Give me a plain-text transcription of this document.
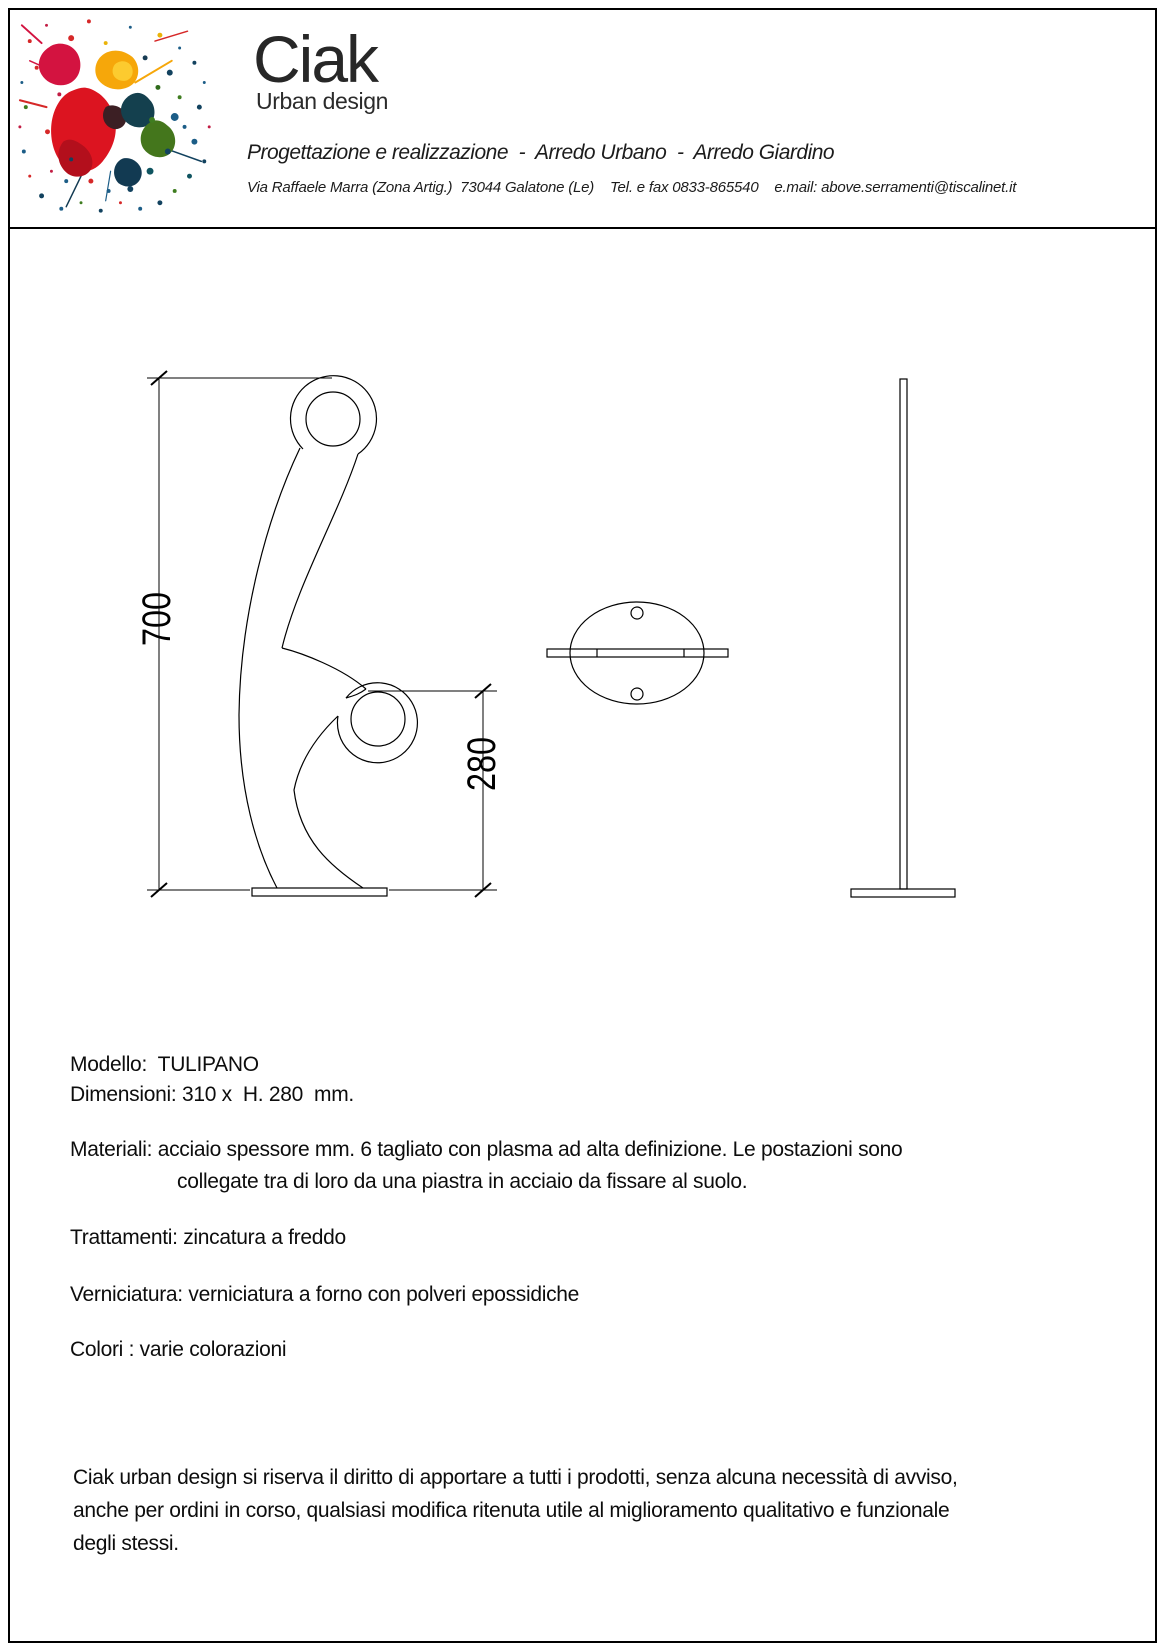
Ciak
Urban design
Progettazione e realizzazione  -  Arredo Urbano  -  Arredo Giardino
Via Raffaele Marra (Zona Artig.)  73044 Galatone (Le)    Tel. e fax 0833-865540    e.mail: above.serramenti@tiscalinet.it
700
280
Modello:  TULIPANO
Dimensioni: 310 x  H. 280  mm.
Materiali: acciaio spessore mm. 6 tagliato con plasma ad alta definizione. Le postazioni sono
collegate tra di loro da una piastra in acciaio da fissare al suolo.
Trattamenti: zincatura a freddo
Verniciatura: verniciatura a forno con polveri epossidiche
Colori : varie colorazioni
Ciak urban design si riserva il diritto di apportare a tutti i prodotti, senza alcuna necessità di avviso,
anche per ordini in corso, qualsiasi modifica ritenuta utile al miglioramento qualitativo e funzionale
degli stessi.
